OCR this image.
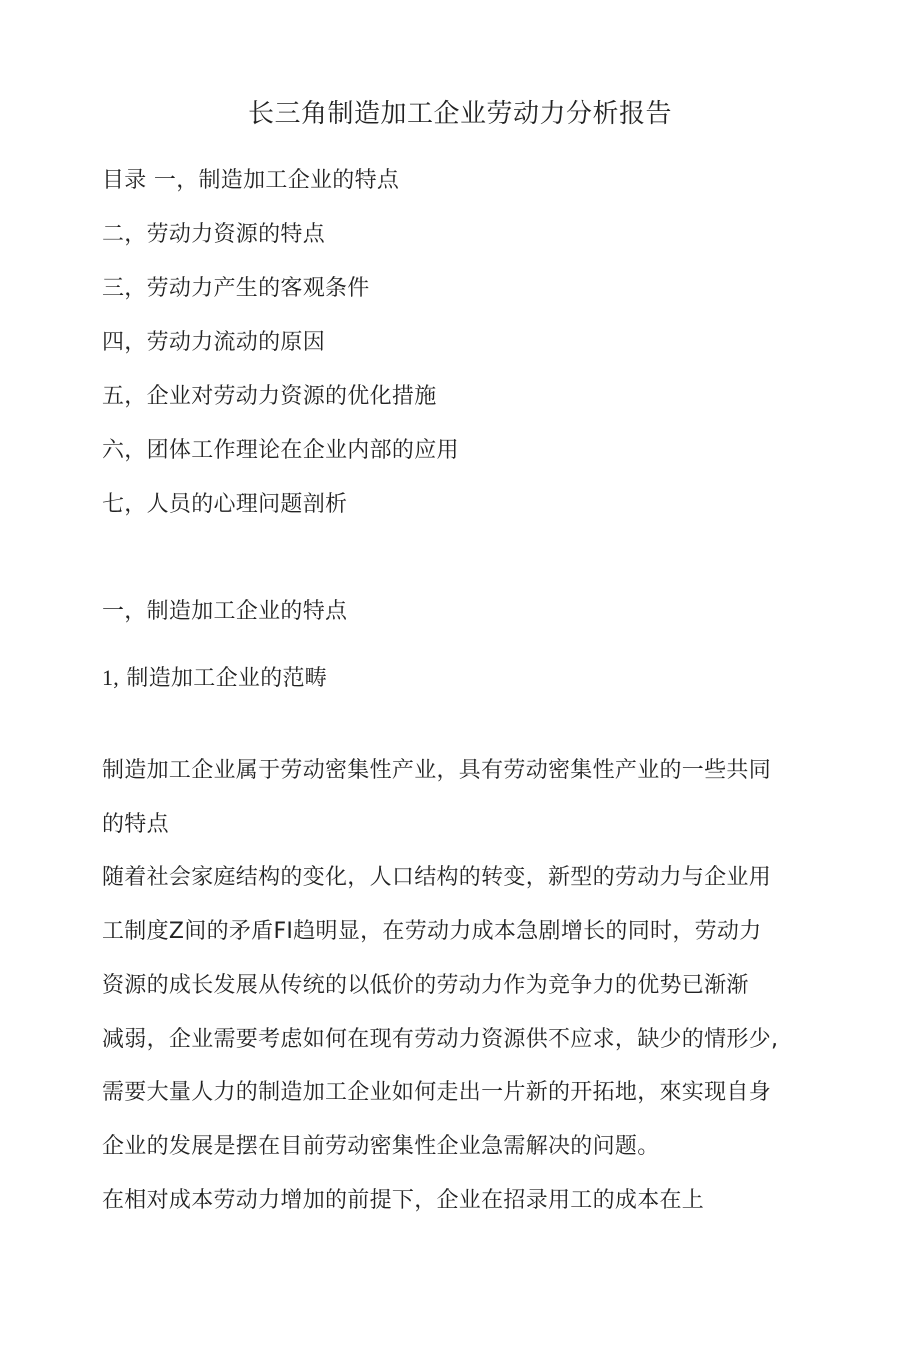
长三角制造加工企业劳动力分析报告
目录 一，制造加工企业的特点
二，劳动力资源的特点
三，劳动力产生的客观条件
四，劳动力流动的原因
五，企业对劳动力资源的优化措施
六，团体工作理论在企业内部的应用
七，人员的心理问题剖析
一，制造加工企业的特点
1, 制造加工企业的范畴
制造加工企业属于劳动密集性产业，具有劳动密集性产业的一些共同
的特点
随着社会家庭结构的变化，人口结构的转变，新型的劳动力与企业用
工制度Z间的矛盾FI趋明显，在劳动力成本急剧增长的同时，劳动力
资源的成长发展从传统的以低价的劳动力作为竞争力的优势已渐渐
减弱，企业需要考虑如何在现有劳动力资源供不应求，缺少的情形少,
需要大量人力的制造加工企业如何走出一片新的开拓地，來实现自身
企业的发展是摆在目前劳动密集性企业急需解决的问题。
在相对成本劳动力增加的前提下，企业在招录用工的成本在上
